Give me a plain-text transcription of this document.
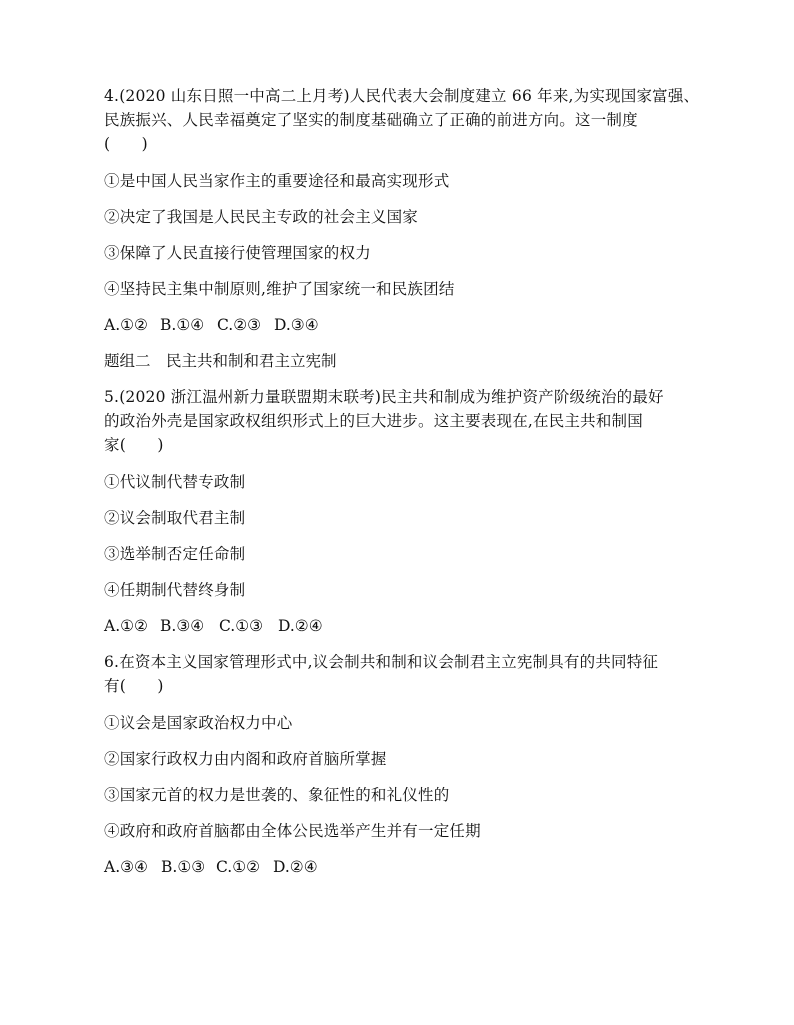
4.(2020 山东日照一中高二上月考)人民代表大会制度建立 66 年来,为实现国家富强、
民族振兴、人民幸福奠定了坚实的制度基础确立了正确的前进方向。这一制度
(　　)
①是中国人民当家作主的重要途径和最高实现形式
②决定了我国是人民民主专政的社会主义国家
③保障了人民直接行使管理国家的权力
④坚持民主集中制原则,维护了国家统一和民族团结
A.①② B.①④ C.②③ D.③④
题组二　民主共和制和君主立宪制
5.(2020 浙江温州新力量联盟期末联考)民主共和制成为维护资产阶级统治的最好
的政治外壳是国家政权组织形式上的巨大进步。这主要表现在,在民主共和制国
家(　　)
①代议制代替专政制
②议会制取代君主制
③选举制否定任命制
④任期制代替终身制
A.①② B.③④ C.①③ D.②④
6.在资本主义国家管理形式中,议会制共和制和议会制君主立宪制具有的共同特征
有(　　)
①议会是国家政治权力中心
②国家行政权力由内阁和政府首脑所掌握
③国家元首的权力是世袭的、象征性的和礼仪性的
④政府和政府首脑都由全体公民选举产生并有一定任期
A.③④ B.①③ C.①② D.②④
